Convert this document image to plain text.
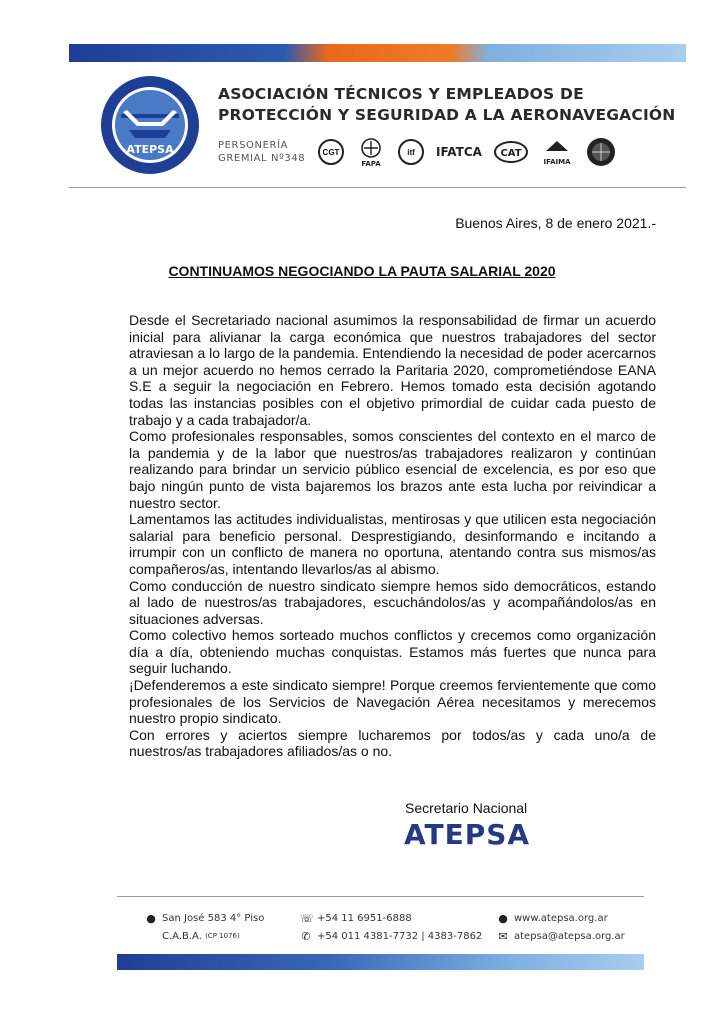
ATEPSA
ASOCIACIÓN TÉCNICOS Y EMPLEADOS DE
PROTECCIÓN Y SEGURIDAD A LA AERONAVEGACIÓN
PERSONERÍA
GREMIAL Nº348
CGT
FAPA
itf	IFATCA CAT
IFAIMA
Buenos Aires, 8 de enero 2021.-
CONTINUAMOS NEGOCIANDO LA PAUTA SALARIAL 2020

Desde el Secretariado nacional asumimos la responsabilidad de firmar un acuerdo inicial para alivianar la carga económica que nuestros trabajadores del sector atraviesan a lo largo de la pandemia. Entendiendo la necesidad de poder acercarnos a un mejor acuerdo no hemos cerrado la Paritaria 2020, comprometiéndose EANA S.E a seguir la negociación en Febrero. Hemos tomado esta decisión agotando todas las instancias posibles con el objetivo primordial de cuidar cada puesto de trabajo y a cada trabajador/a.

Como profesionales responsables, somos conscientes del contexto en el marco de la pandemia y de la labor que nuestros/as trabajadores realizaron y continúan realizando para brindar un servicio público esencial de excelencia, es por eso que bajo ningún punto de vista bajaremos los brazos ante esta lucha por reivindicar a nuestro sector.

Lamentamos las actitudes individualistas, mentirosas y que utilicen esta negociación salarial para beneficio personal. Desprestigiando, desinformando e incitando a irrumpir con un conflicto de manera no oportuna, atentando contra sus mismos/as compañeros/as, intentando llevarlos/as al abismo.

Como conducción de nuestro sindicato siempre hemos sido democráticos, estando al lado de nuestros/as trabajadores, escuchándolos/as y acompañándolos/as en situaciones adversas.

Como colectivo hemos sorteado muchos conflictos y crecemos como organización día a día, obteniendo muchas conquistas. Estamos más fuertes que nunca para seguir luchando.

¡Defenderemos a este sindicato siempre! Porque creemos fervientemente que como profesionales de los Servicios de Navegación Aérea necesitamos y merecemos nuestro propio sindicato.

Con errores y aciertos siempre lucharemos por todos/as y cada uno/a de nuestros/as trabajadores afiliados/as o no.

Secretario Nacional
ATEPSA
● San José 583 4° Piso
C.A.B.A.
(CP 1076)
☏ +54 11 6951-6888
✆ +54 011 4381-7732 | 4383-7862
● www.atepsa.org.ar
✉ atepsa@atepsa.org.ar
